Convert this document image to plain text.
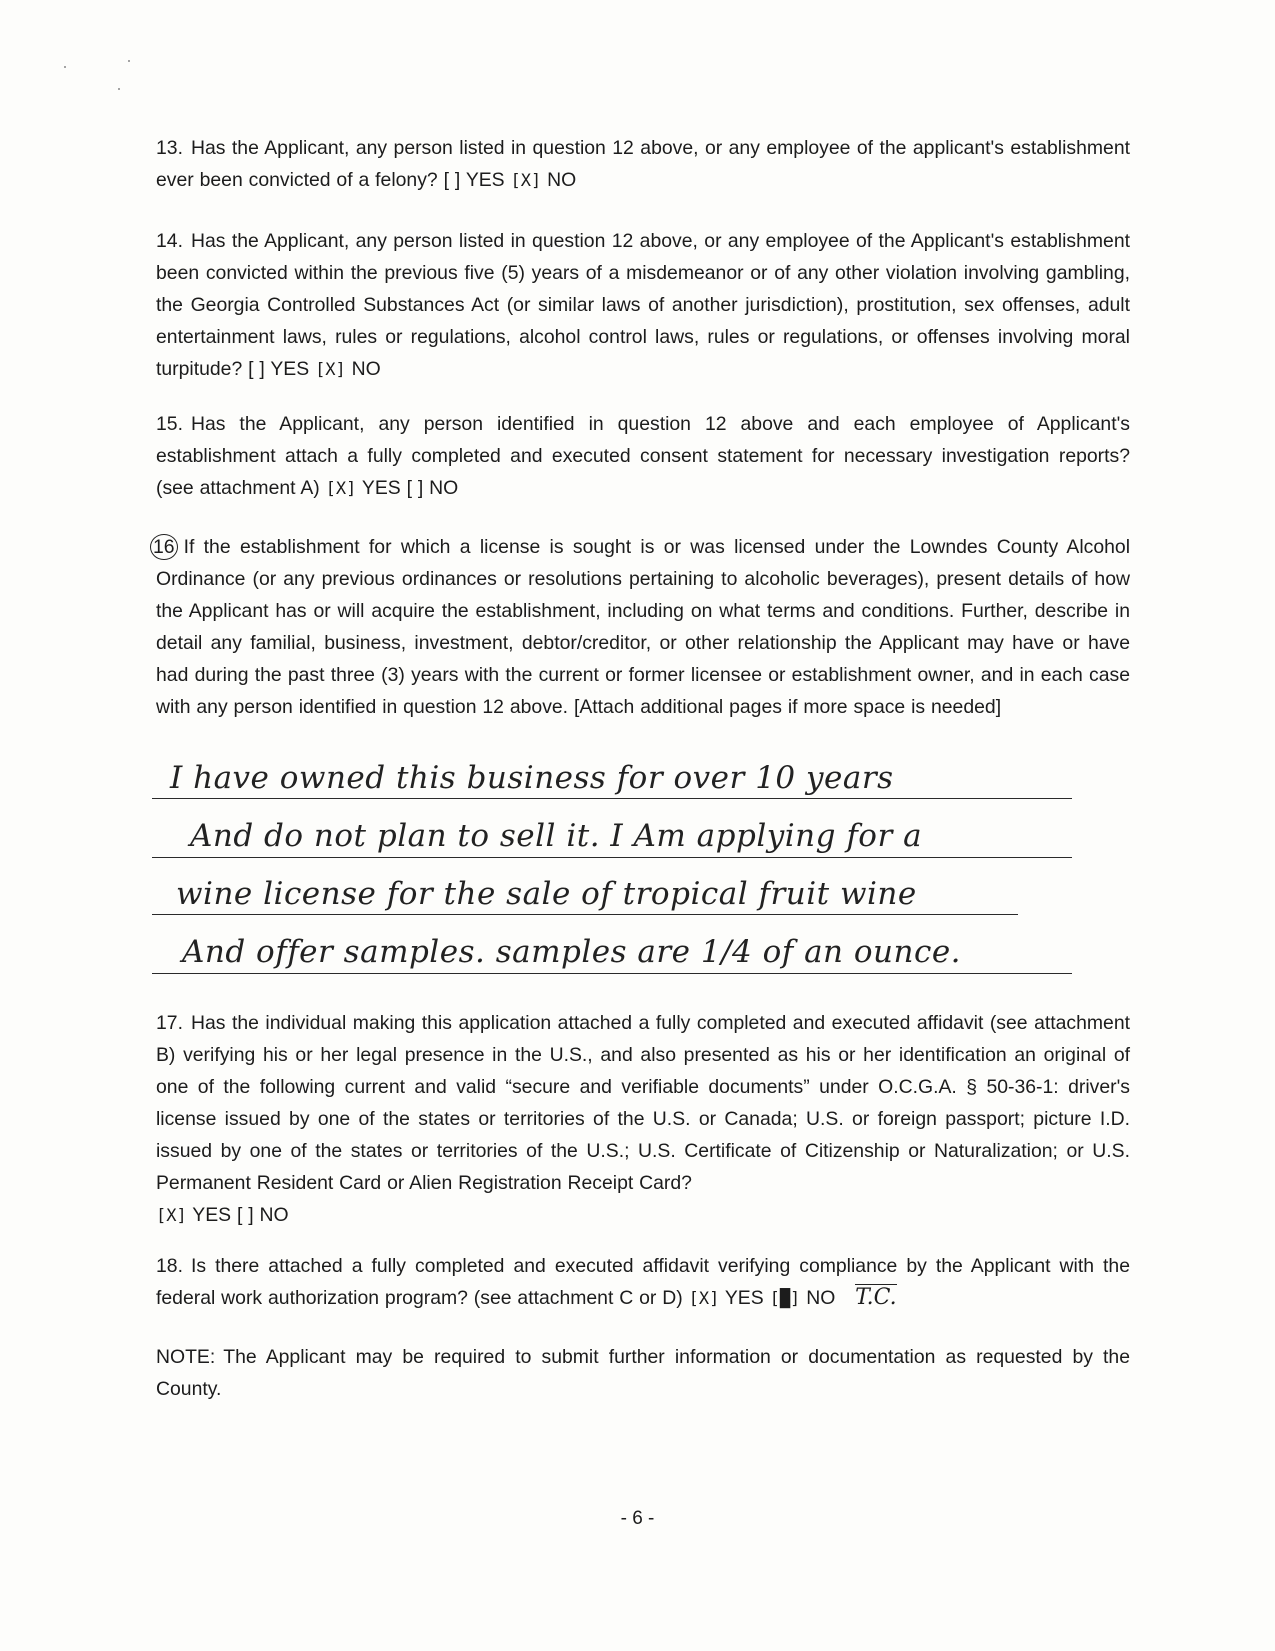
13. Has the Applicant, any person listed in question 12 above, or any employee of the applicant's establishment ever been convicted of a felony? [ ] YES [X] NO
14. Has the Applicant, any person listed in question 12 above, or any employee of the Applicant's establishment been convicted within the previous five (5) years of a misdemeanor or of any other violation involving gambling, the Georgia Controlled Substances Act (or similar laws of another jurisdiction), prostitution, sex offenses, adult entertainment laws, rules or regulations, alcohol control laws, rules or regulations, or offenses involving moral turpitude? [ ] YES [X] NO
15. Has the Applicant, any person identified in question 12 above and each employee of Applicant's establishment attach a fully completed and executed consent statement for necessary investigation reports? (see attachment A) [X] YES [ ] NO
16 If the establishment for which a license is sought is or was licensed under the Lowndes County Alcohol Ordinance (or any previous ordinances or resolutions pertaining to alcoholic beverages), present details of how the Applicant has or will acquire the establishment, including on what terms and conditions. Further, describe in detail any familial, business, investment, debtor/creditor, or other relationship the Applicant may have or have had during the past three (3) years with the current or former licensee or establishment owner, and in each case with any person identified in question 12 above. [Attach additional pages if more space is needed]
I have owned this business for over 10 years
And do not plan to sell it. I Am applying for a
wine license for the sale of tropical fruit wine
And offer samples. samples are 1/4 of an ounce.
17. Has the individual making this application attached a fully completed and executed affidavit (see attachment B) verifying his or her legal presence in the U.S., and also presented as his or her identification an original of one of the following current and valid “secure and verifiable documents” under O.C.G.A. § 50-36-1: driver's license issued by one of the states or territories of the U.S. or Canada; U.S. or foreign passport; picture I.D. issued by one of the states or territories of the U.S.; U.S. Certificate of Citizenship or Naturalization; or U.S. Permanent Resident Card or Alien Registration Receipt Card?
[X] YES [ ] NO
18. Is there attached a fully completed and executed affidavit verifying compliance by the Applicant with the federal work authorization program? (see attachment C or D) [X] YES [█] NO T.C.
NOTE: The Applicant may be required to submit further information or documentation as requested by the County.
- 6 -
